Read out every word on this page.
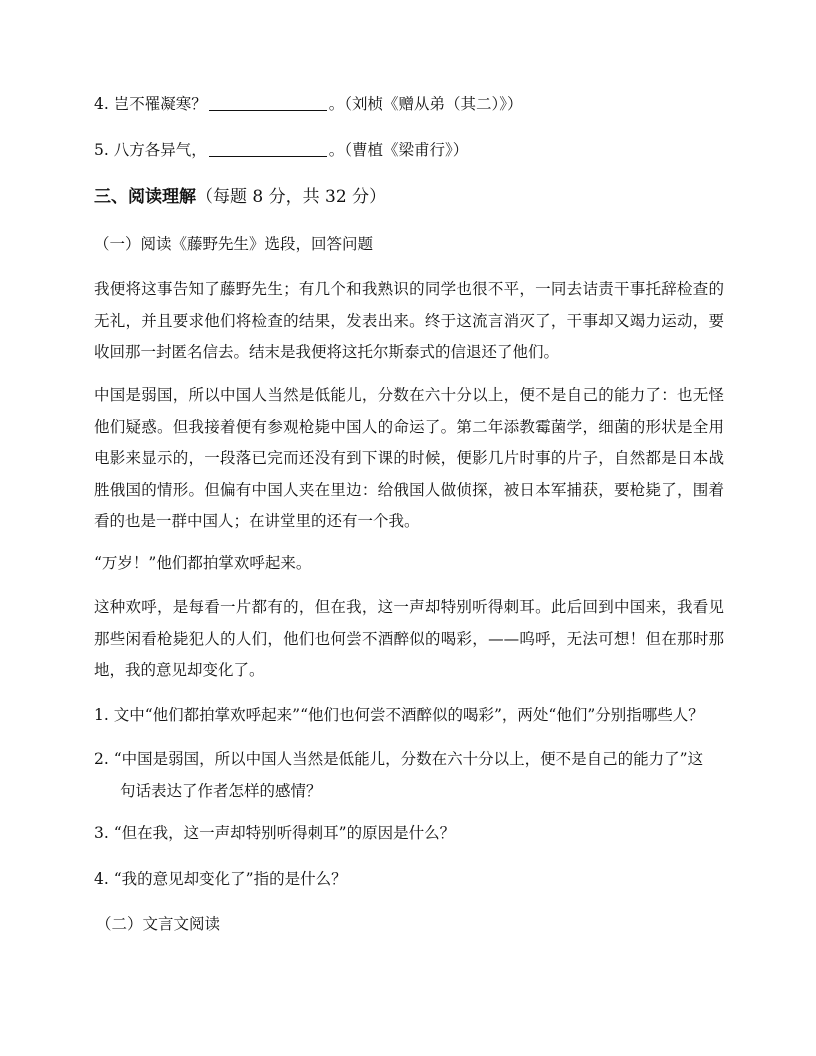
4. 岂不罹凝寒？	。（刘桢《赠从弟（其二）》）
5. 八方各异气，	。（曹植《梁甫行》）
三、阅读理解（每题 8 分，共 32 分）
（一）阅读《藤野先生》选段，回答问题
我便将这事告知了藤野先生；有几个和我熟识的同学也很不平，一同去诘责干事托辞检查的无礼，并且要求他们将检查的结果，发表出来。终于这流言消灭了，干事却又竭力运动，要收回那一封匿名信去。结末是我便将这托尔斯泰式的信退还了他们。
中国是弱国，所以中国人当然是低能儿，分数在六十分以上，便不是自己的能力了：也无怪他们疑惑。但我接着便有参观枪毙中国人的命运了。第二年添教霉菌学，细菌的形状是全用电影来显示的，一段落已完而还没有到下课的时候，便影几片时事的片子，自然都是日本战胜俄国的情形。但偏有中国人夹在里边：给俄国人做侦探，被日本军捕获，要枪毙了，围着看的也是一群中国人；在讲堂里的还有一个我。
“万岁！”他们都拍掌欢呼起来。
这种欢呼，是每看一片都有的，但在我，这一声却特别听得刺耳。此后回到中国来，我看见那些闲看枪毙犯人的人们，他们也何尝不酒醉似的喝彩，——呜呼，无法可想！但在那时那地，我的意见却变化了。
1. 文中“他们都拍掌欢呼起来”“他们也何尝不酒醉似的喝彩”，两处“他们”分别指哪些人？
2. “中国是弱国，所以中国人当然是低能儿，分数在六十分以上，便不是自己的能力了”这
句话表达了作者怎样的感情？
3. “但在我，这一声却特别听得刺耳”的原因是什么？
4. “我的意见却变化了”指的是什么？
（二）文言文阅读
